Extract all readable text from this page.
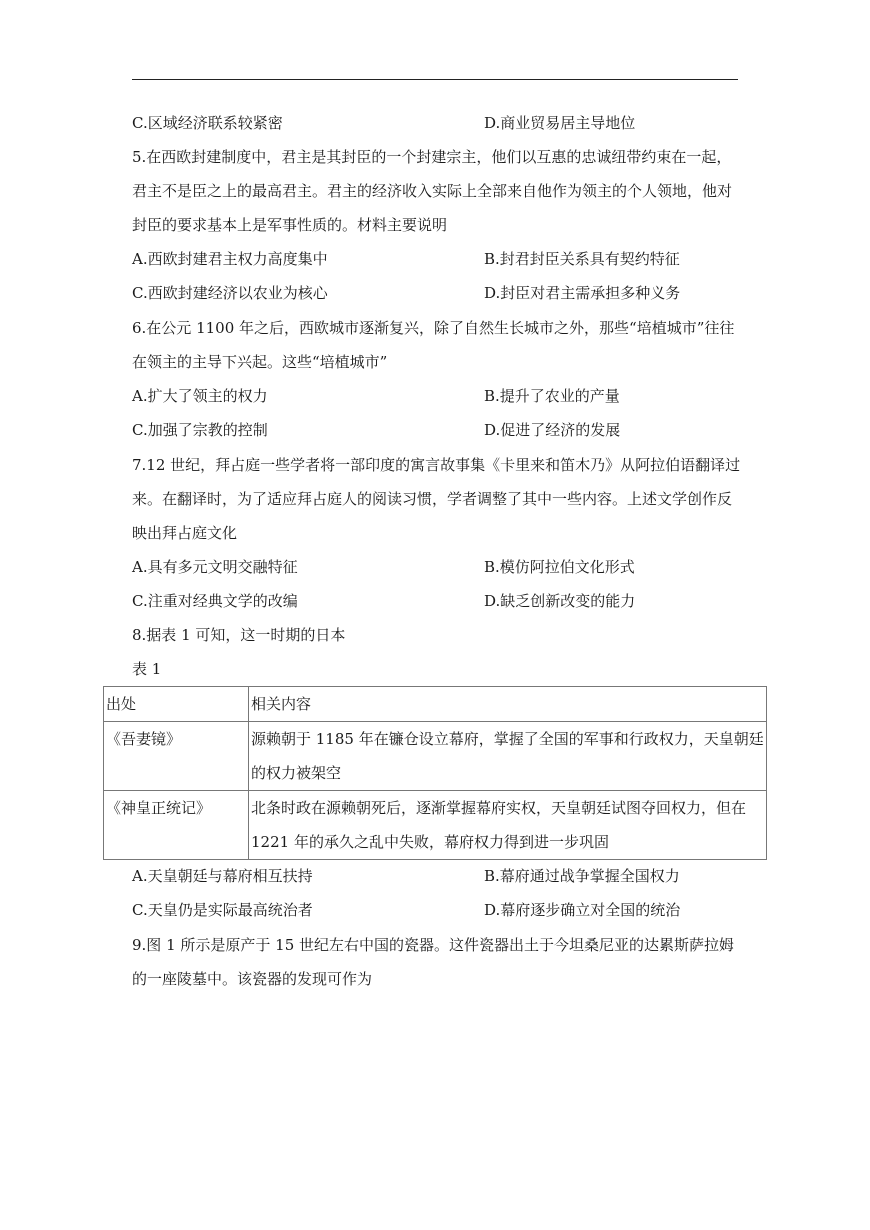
C.区域经济联系较紧密	D.商业贸易居主导地位
5.在西欧封建制度中，君主是其封臣的一个封建宗主，他们以互惠的忠诚纽带约束在一起，
君主不是臣之上的最高君主。君主的经济收入实际上全部来自他作为领主的个人领地，他对
封臣的要求基本上是军事性质的。材料主要说明
A.西欧封建君主权力高度集中	B.封君封臣关系具有契约特征
C.西欧封建经济以农业为核心	D.封臣对君主需承担多种义务
6.在公元 1100 年之后，西欧城市逐渐复兴，除了自然生长城市之外，那些“培植城市”往往
在领主的主导下兴起。这些“培植城市”
A.扩大了领主的权力	B.提升了农业的产量
C.加强了宗教的控制	D.促进了经济的发展
7.12 世纪，拜占庭一些学者将一部印度的寓言故事集《卡里来和笛木乃》从阿拉伯语翻译过
来。在翻译时，为了适应拜占庭人的阅读习惯，学者调整了其中一些内容。上述文学创作反
映出拜占庭文化
A.具有多元文明交融特征	B.模仿阿拉伯文化形式
C.注重对经典文学的改编	D.缺乏创新改变的能力
8.据表 1 可知，这一时期的日本
表 1
出处	相关内容
《吾妻镜》	源赖朝于 1185 年在镰仓设立幕府，掌握了全国的军事和行政权力，天皇朝廷
的权力被架空

《神皇正统记》	北条时政在源赖朝死后，逐渐掌握幕府实权，天皇朝廷试图夺回权力，但在
1221 年的承久之乱中失败，幕府权力得到进一步巩固
A.天皇朝廷与幕府相互扶持	B.幕府通过战争掌握全国权力
C.天皇仍是实际最高统治者	D.幕府逐步确立对全国的统治
9.图 1 所示是原产于 15 世纪左右中国的瓷器。这件瓷器出土于今坦桑尼亚的达累斯萨拉姆
的一座陵墓中。该瓷器的发现可作为
